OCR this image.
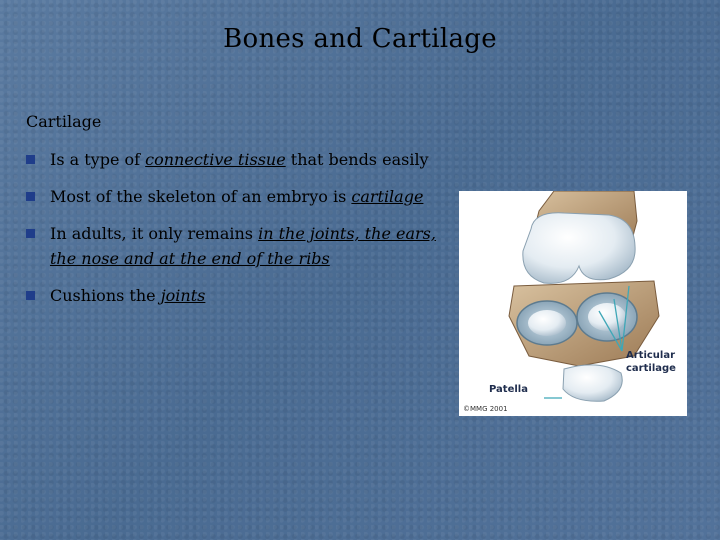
Bones and Cartilage
Cartilage
Is a type of connective tissue that bends easily
Most of the skeleton of an embryo is cartilage
In adults, it only remains in the joints, the ears, the nose and at the end of the ribs
Cushions the joints
Articular
cartilage
Patella
©MMG 2001
